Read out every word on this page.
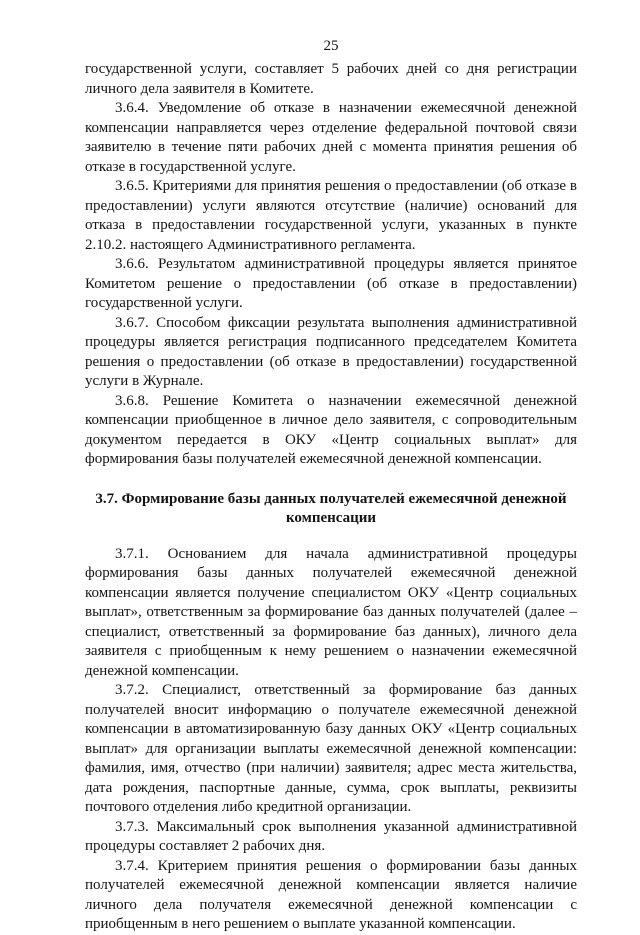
25

государственной услуги, составляет 5 рабочих дней со дня регистрации личного дела заявителя в Комитете.

3.6.4. Уведомление об отказе в назначении ежемесячной денежной компенсации направляется через отделение федеральной почтовой связи заявителю в течение пяти рабочих дней с момента принятия решения об отказе в государственной услуге.

3.6.5. Критериями для принятия решения о предоставлении (об отказе в предоставлении) услуги являются отсутствие (наличие) оснований для отказа в предоставлении государственной услуги, указанных в пункте 2.10.2. настоящего Административного регламента.

3.6.6. Результатом административной процедуры является принятое Комитетом решение о предоставлении (об отказе в предоставлении) государственной услуги.

3.6.7. Способом фиксации результата выполнения административной процедуры является регистрация подписанного председателем Комитета решения о предоставлении (об отказе в предоставлении) государственной услуги в Журнале.

3.6.8. Решение Комитета о назначении ежемесячной денежной компенсации приобщенное в личное дело заявителя, с сопроводительным документом передается в ОКУ «Центр социальных выплат» для формирования базы получателей ежемесячной денежной компенсации.

3.7. Формирование базы данных получателей ежемесячной денежной компенсации

3.7.1. Основанием для начала административной процедуры формирования базы данных получателей ежемесячной денежной компенсации является получение специалистом ОКУ «Центр социальных выплат», ответственным за формирование баз данных получателей (далее – специалист, ответственный за формирование баз данных), личного дела заявителя с приобщенным к нему решением о назначении ежемесячной денежной компенсации.

3.7.2. Специалист, ответственный за формирование баз данных получателей вносит информацию о получателе ежемесячной денежной компенсации в автоматизированную базу данных ОКУ «Центр социальных выплат» для организации выплаты ежемесячной денежной компенсации: фамилия, имя, отчество (при наличии) заявителя; адрес места жительства, дата рождения, паспортные данные, сумма, срок выплаты, реквизиты почтового отделения либо кредитной организации.

3.7.3. Максимальный срок выполнения указанной административной процедуры составляет 2 рабочих дня.

3.7.4. Критерием принятия решения о формировании базы данных получателей ежемесячной денежной компенсации является наличие личного дела получателя ежемесячной денежной компенсации с приобщенным в него решением о выплате указанной компенсации.
